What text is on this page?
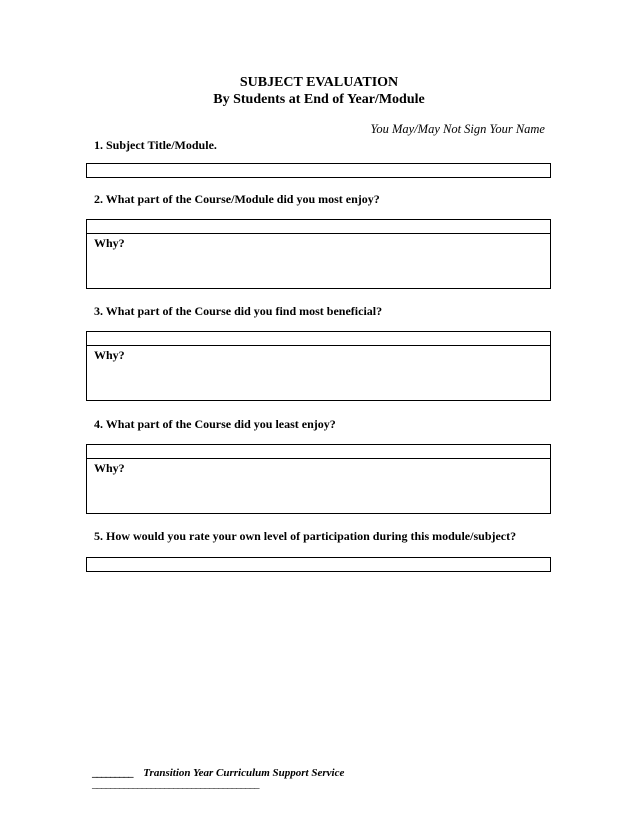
SUBJECT EVALUATION
By Students at End of Year/Module
You May/May Not Sign Your Name
1. Subject Title/Module.
2. What part of the Course/Module did you most enjoy?
Why?
3. What part of the Course did you find most beneficial?
Why?
4. What part of the Course did you least enjoy?
Why?
5. How would you rate your own level of participation during this module/subject?
_________ Transition Year Curriculum Support Service
_____________________________________
